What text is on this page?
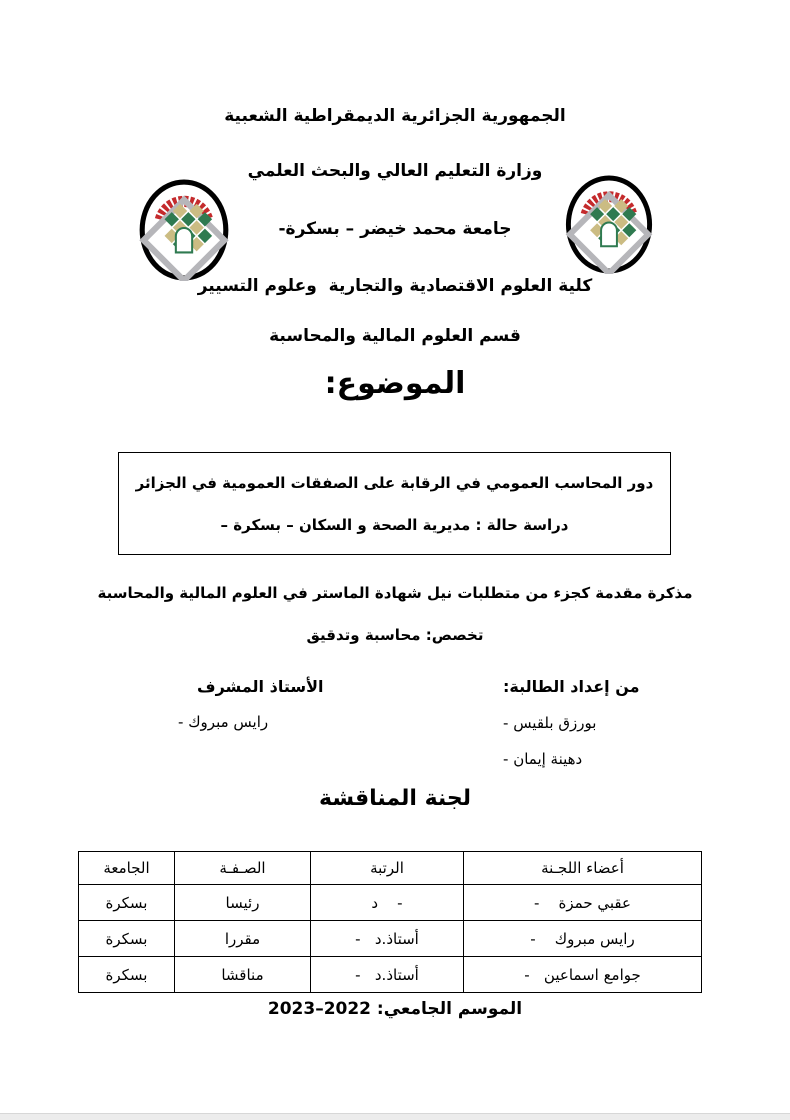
الجمهورية الجزائرية الديمقراطية الشعبية
وزارة التعليم العالي والبحث العلمي
جامعة محمد خيضر – بسكرة-
كلية العلوم الاقتصادية والتجارية  وعلوم التسيير
قسم العلوم المالية والمحاسبة
الموضوع:
دور المحاسب العمومي في الرقابة على الصفقات العمومية في الجزائر
دراسة حالة : مديرية الصحة و السكان – بسكرة –
مذكرة مقدمة كجزء من متطلبات نيل شهادة الماستر في العلوم المالية والمحاسبة
تخصص: محاسبة وتدقيق
من إعداد الطالبة:
- بورزق بلقيس
- دهينة إيمان
الأستاذ المشرف
- رايس مبروك
لجنة المناقشة
أعضاء اللجـنة	الرتبة	الصـفـة	الجامعة
-    عقبي حمزة	د    -	رئيسا	بسكرة
-    رايس مبروك	-   أستاذ.د	مقررا	بسكرة
-   جوامع اسماعين	-   أستاذ.د	مناقشا	بسكرة
الموسم الجامعي: 2022–2023
